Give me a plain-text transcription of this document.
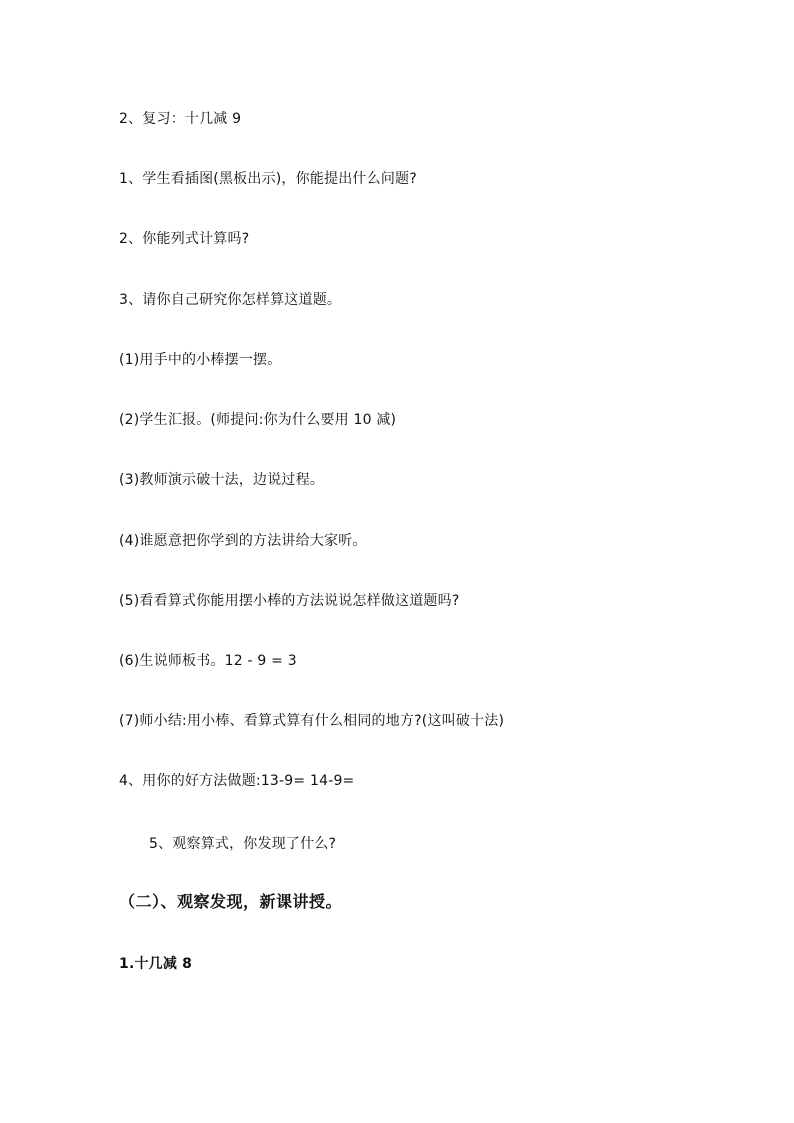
2、复习：十几减 9
1、学生看插图(黑板出示)，你能提出什么问题?
2、你能列式计算吗?
3、请你自己研究你怎样算这道题。
(1)用手中的小棒摆一摆。
(2)学生汇报。(师提问:你为什么要用 10 减)
(3)教师演示破十法，边说过程。
(4)谁愿意把你学到的方法讲给大家听。
(5)看看算式你能用摆小棒的方法说说怎样做这道题吗?
(6)生说师板书。12 - 9 = 3
(7)师小结:用小棒、看算式算有什么相同的地方?(这叫破十法)
4、用你的好方法做题:13-9= 14-9=
5、观察算式，你发现了什么?
（二）、观察发现，新课讲授。
1.十几减 8
